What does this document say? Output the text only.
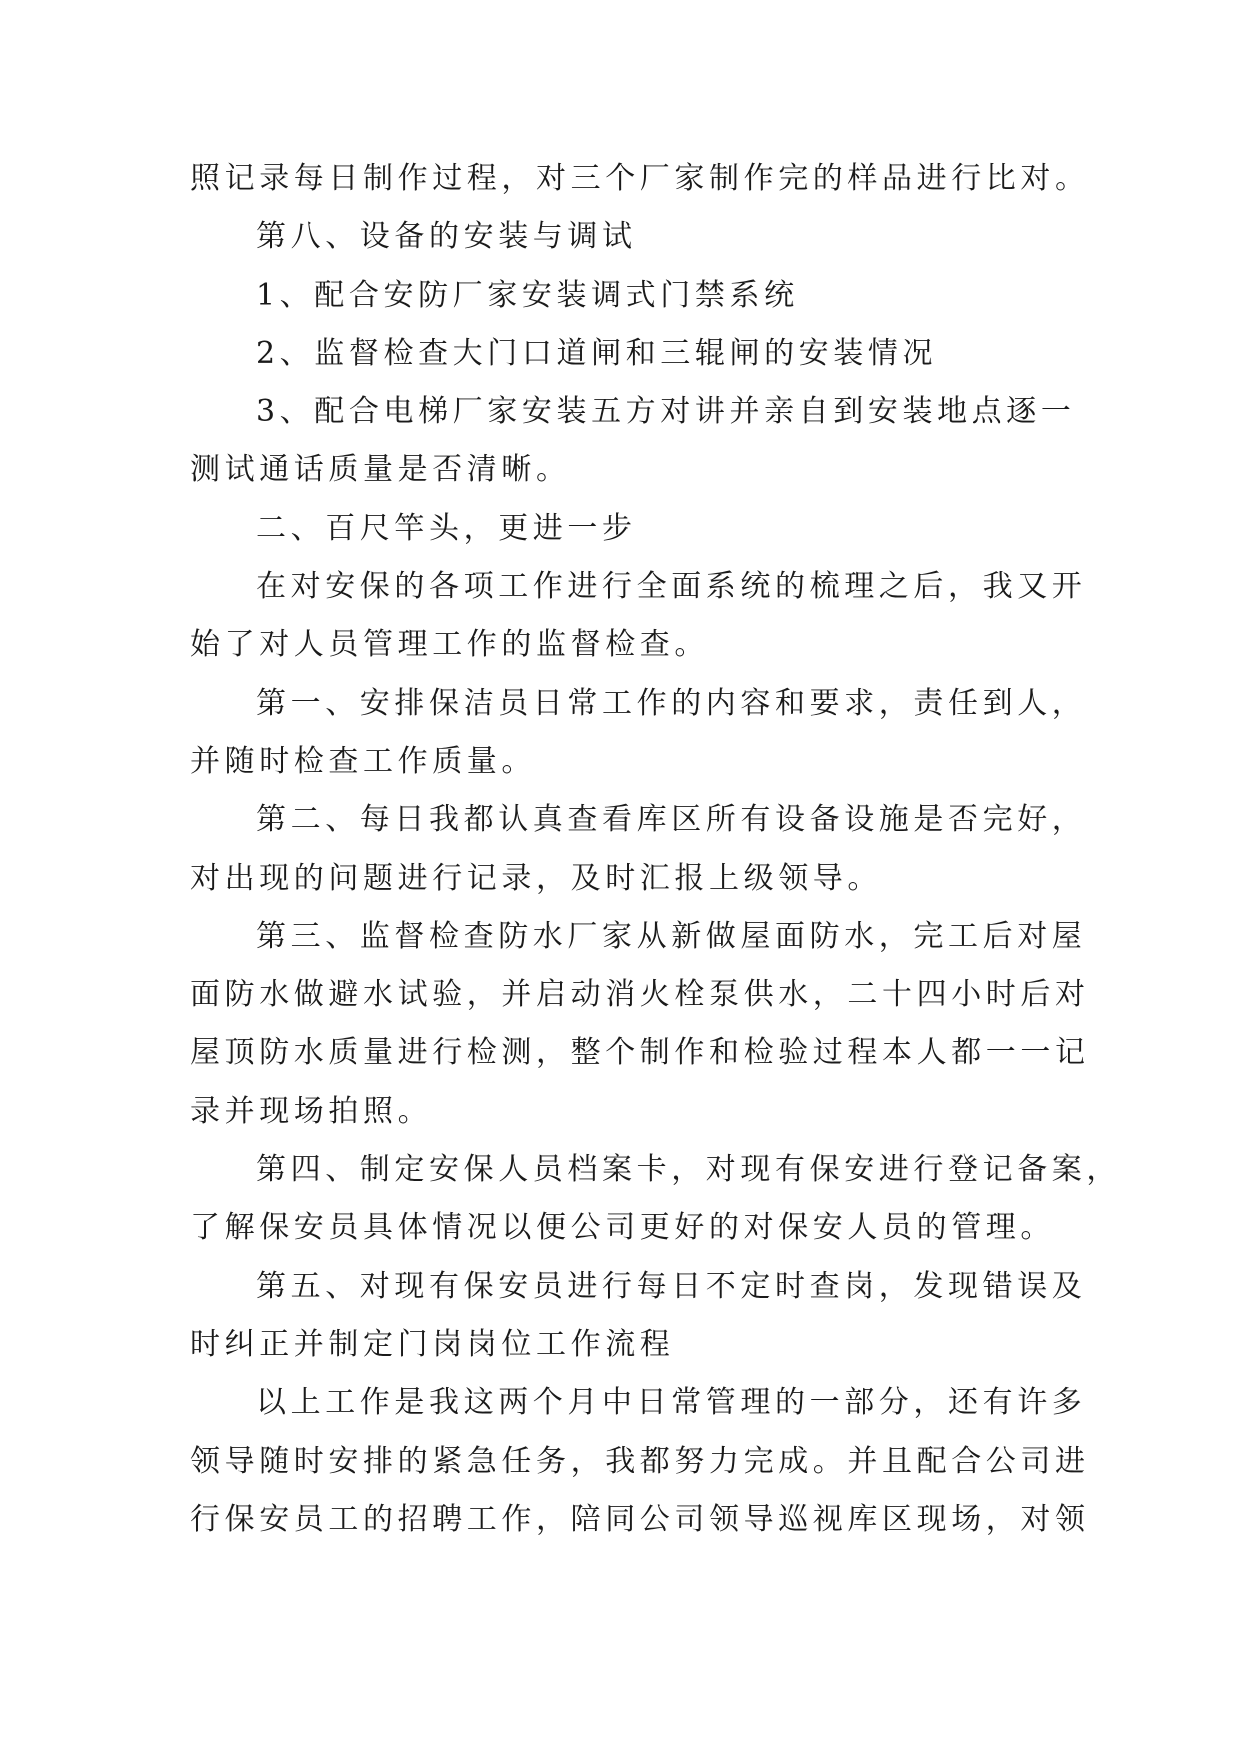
照记录每日制作过程，对三个厂家制作完的样品进行比对。
第八、设备的安装与调试
1、配合安防厂家安装调式门禁系统
2、监督检查大门口道闸和三辊闸的安装情况
3、配合电梯厂家安装五方对讲并亲自到安装地点逐一
测试通话质量是否清晰。
二、百尺竿头，更进一步
在对安保的各项工作进行全面系统的梳理之后，我又开
始了对人员管理工作的监督检查。
第一、安排保洁员日常工作的内容和要求，责任到人，
并随时检查工作质量。
第二、每日我都认真查看库区所有设备设施是否完好，
对出现的问题进行记录，及时汇报上级领导。
第三、监督检查防水厂家从新做屋面防水，完工后对屋
面防水做避水试验，并启动消火栓泵供水，二十四小时后对
屋顶防水质量进行检测，整个制作和检验过程本人都一一记
录并现场拍照。
第四、制定安保人员档案卡，对现有保安进行登记备案，
了解保安员具体情况以便公司更好的对保安人员的管理。
第五、对现有保安员进行每日不定时查岗，发现错误及
时纠正并制定门岗岗位工作流程
以上工作是我这两个月中日常管理的一部分，还有许多
领导随时安排的紧急任务，我都努力完成。并且配合公司进
行保安员工的招聘工作，陪同公司领导巡视库区现场，对领
